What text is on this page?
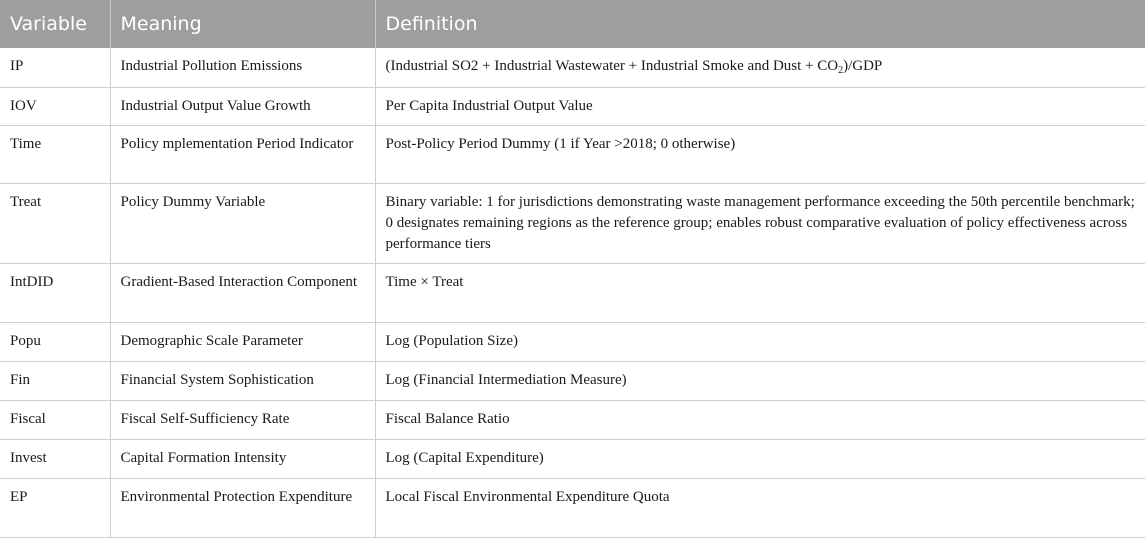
Variable	Meaning	Definition
IP	Industrial Pollution Emissions	(Industrial SO2 + Industrial Wastewater + Industrial Smoke and Dust + $CO_2$)/GDP
IOV	Industrial Output Value Growth	Per Capita Industrial Output Value
Time	Policy mplementation Period Indicator	Post-Policy Period Dummy (1 if Year >2018; 0 otherwise)
Treat	Policy Dummy Variable	Binary variable: 1 for jurisdictions demonstrating waste management performance exceeding the 50th percentile benchmark; 0 designates remaining regions as the reference group; enables robust comparative evaluation of policy effectiveness across performance tiers
IntDID	Gradient-Based Interaction Component	Time × Treat
Popu	Demographic Scale Parameter	Log (Population Size)
Fin	Financial System Sophistication	Log (Financial Intermediation Measure)
Fiscal	Fiscal Self-Sufficiency Rate	Fiscal Balance Ratio
Invest	Capital Formation Intensity	Log (Capital Expenditure)
EP	Environmental Protection Expenditure	Local Fiscal Environmental Expenditure Quota
